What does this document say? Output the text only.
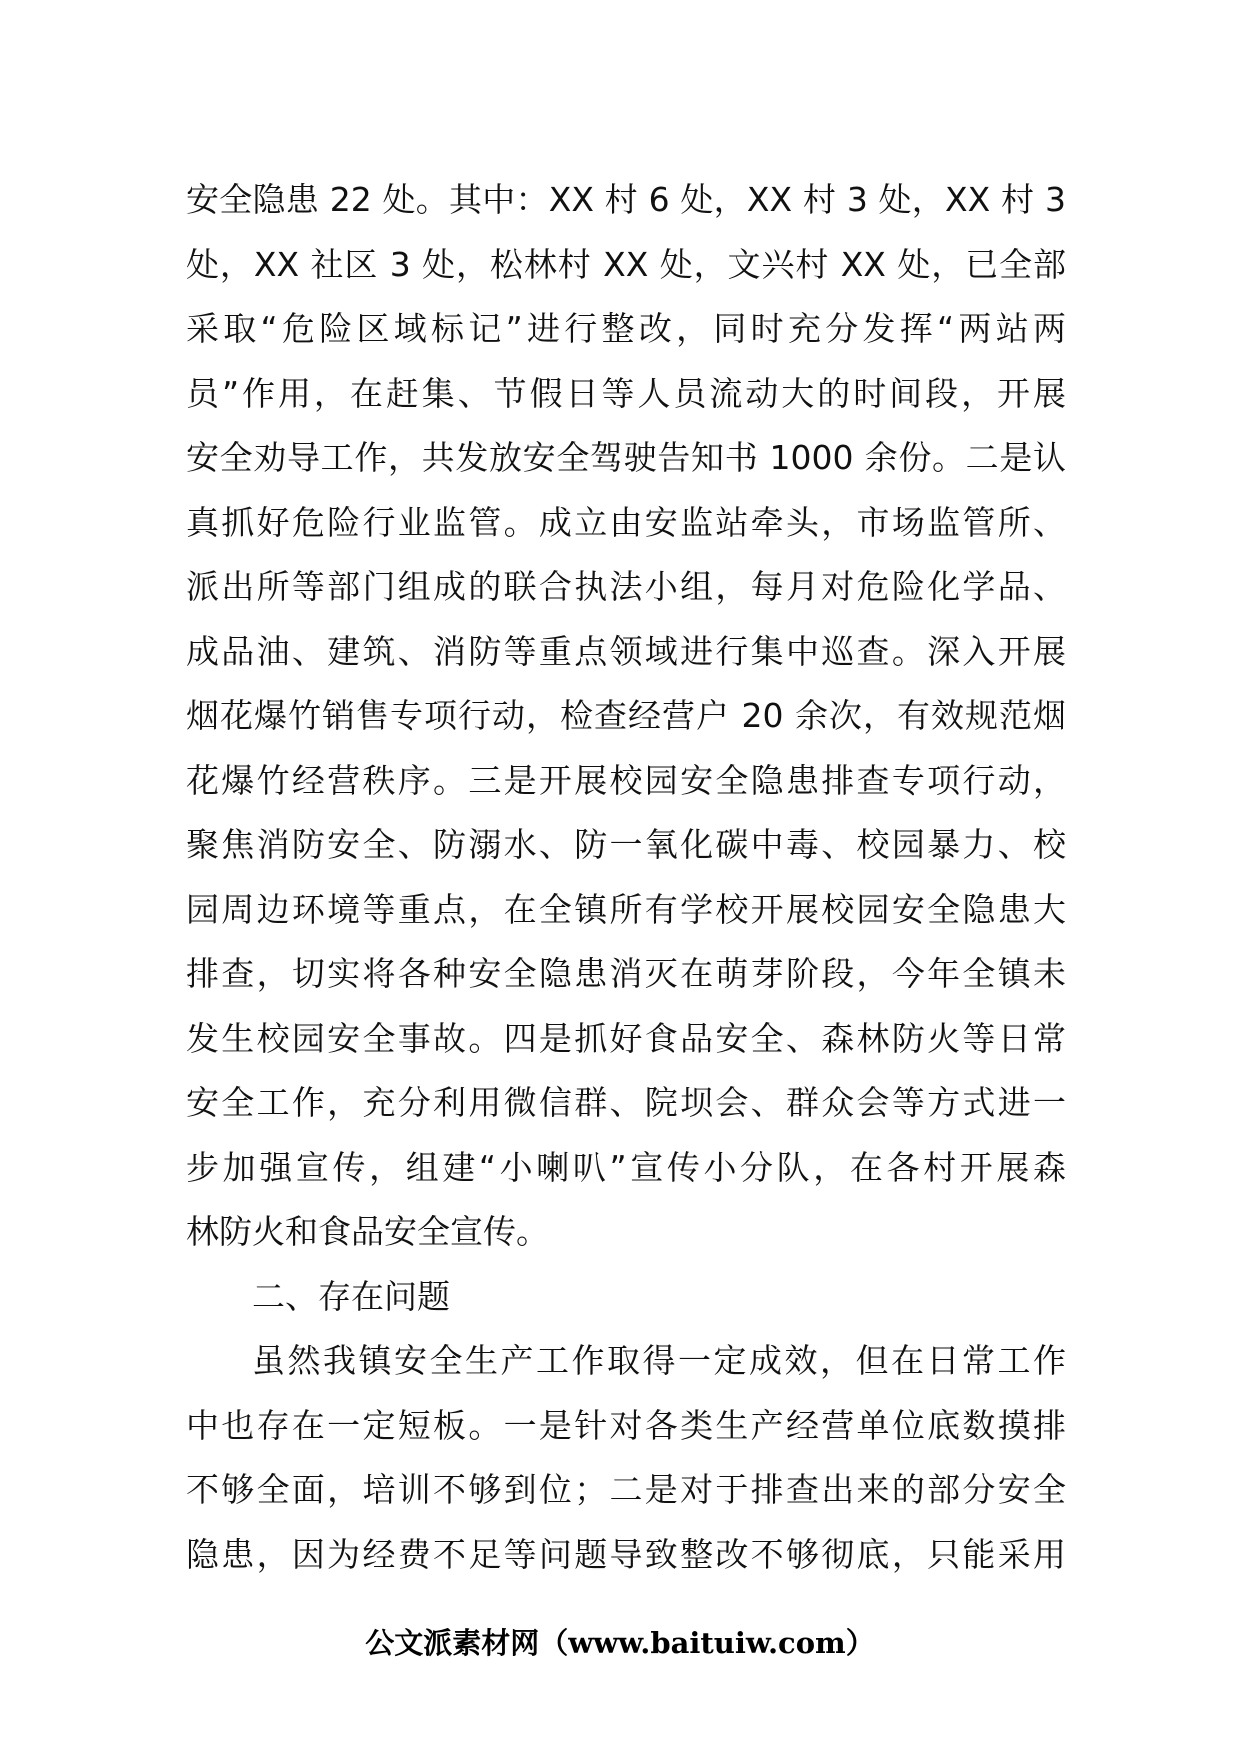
安全隐患 22 处。其中：XX 村 6 处，XX 村 3 处，XX 村 3
处，XX 社区 3 处，松林村 XX 处，文兴村 XX 处，已全部
采取“危险区域标记”进行整改，同时充分发挥“两站两
员”作用，在赶集、节假日等人员流动大的时间段，开展
安全劝导工作，共发放安全驾驶告知书 1000 余份。二是认
真抓好危险行业监管。成立由安监站牵头，市场监管所、
派出所等部门组成的联合执法小组，每月对危险化学品、
成品油、建筑、消防等重点领域进行集中巡查。深入开展
烟花爆竹销售专项行动，检查经营户 20 余次，有效规范烟
花爆竹经营秩序。三是开展校园安全隐患排查专项行动，
聚焦消防安全、防溺水、防一氧化碳中毒、校园暴力、校
园周边环境等重点，在全镇所有学校开展校园安全隐患大
排查，切实将各种安全隐患消灭在萌芽阶段，今年全镇未
发生校园安全事故。四是抓好食品安全、森林防火等日常
安全工作，充分利用微信群、院坝会、群众会等方式进一
步加强宣传，组建“小喇叭”宣传小分队，在各村开展森
林防火和食品安全宣传。
二、存在问题
虽然我镇安全生产工作取得一定成效，但在日常工作
中也存在一定短板。一是针对各类生产经营单位底数摸排
不够全面，培训不够到位；二是对于排查出来的部分安全
隐患，因为经费不足等问题导致整改不够彻底，只能采用
公文派素材网（www.baituiw.com）
